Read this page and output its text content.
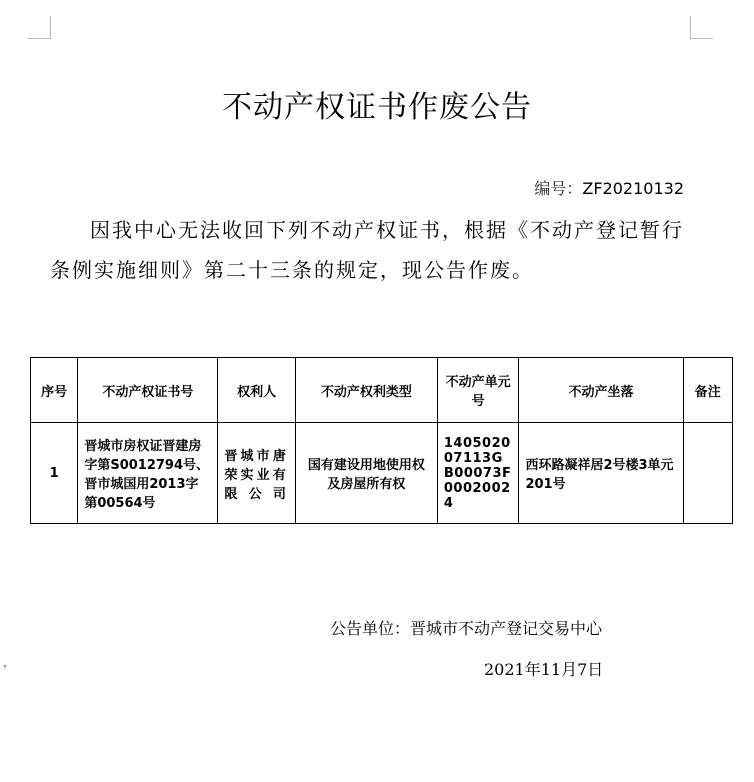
▾
不动产权证书作废公告
编号：ZF20210132
因我中心无法收回下列不动产权证书，根据《不动产登记暂行条例实施细则》第二十三条的规定，现公告作废。
序号	不动产权证书号	权利人	不动产权利类型	不动产单元号	不动产坐落	备注
1	晋城市房权证晋建房字第S0012794号、晋市城国用2013字第00564号	晋城市唐荣实业有限公司	国有建设用地使用权及房屋所有权	140502007113GB00073F00020024	西环路凝祥居2号楼3单元201号	
公告单位：晋城市不动产登记交易中心
2021年11月7日
